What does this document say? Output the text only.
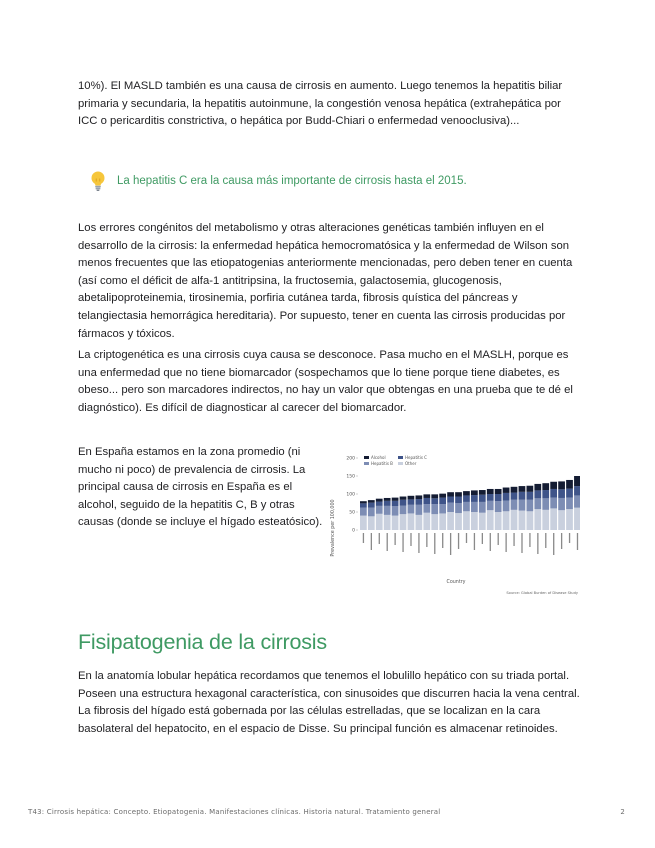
10%). El MASLD también es una causa de cirrosis en aumento. Luego tenemos la hepatitis biliar primaria y secundaria, la hepatitis autoinmune, la congestión venosa hepática (extrahepática por ICC o pericarditis constrictiva, o hepática por Budd-Chiari o enfermedad venooclusiva)...

La hepatitis C era la causa más importante de cirrosis hasta el 2015.

Los errores congénitos del metabolismo y otras alteraciones genéticas también influyen en el desarrollo de la cirrosis: la enfermedad hepática hemocromatósica y la enfermedad de Wilson son menos frecuentes que las etiopatogenias anteriormente mencionadas, pero deben tener en cuenta (así como el déficit de alfa-1 antitripsina, la fructosemia, galactosemia, glucogenosis, abetalipoproteinemia, tirosinemia, porfiria cutánea tarda, fibrosis quística del páncreas y telangiectasia hemorrágica hereditaria). Por supuesto, tener en cuenta las cirrosis producidas por fármacos y tóxicos.

La criptogenética es una cirrosis cuya causa se desconoce. Pasa mucho en el MASLH, porque es una enfermedad que no tiene biomarcador (sospechamos que lo tiene porque tiene diabetes, es obeso... pero son marcadores indirectos, no hay un valor que obtengas en una prueba que te dé el diagnóstico). Es difícil de diagnosticar al carecer del biomarcador.

En España estamos en la zona promedio (ni mucho ni poco) de prevalencia de cirrosis. La principal causa de cirrosis en España es el alcohol, seguido de la hepatitis C, B y otras causas (donde se incluye el hígado esteatósico).

0
50
100
150
200
Prevalence per 100,000
Alcohol	Hepatitis C
Hepatitis B	Other
Country
Source: Global Burden of Disease Study
Fisipatogenia de la cirrosis

En la anatomía lobular hepática recordamos que tenemos el lobulillo hepático con su triada portal. Poseen una estructura hexagonal característica, con sinusoides que discurren hacia la vena central. La fibrosis del hígado está gobernada por las células estrelladas, que se localizan en la cara basolateral del hepatocito, en el espacio de Disse. Su principal función es almacenar retinoides.

T43: Cirrosis hepática: Concepto. Etiopatogenia. Manifestaciones clínicas. Historia natural. Tratamiento general	2
